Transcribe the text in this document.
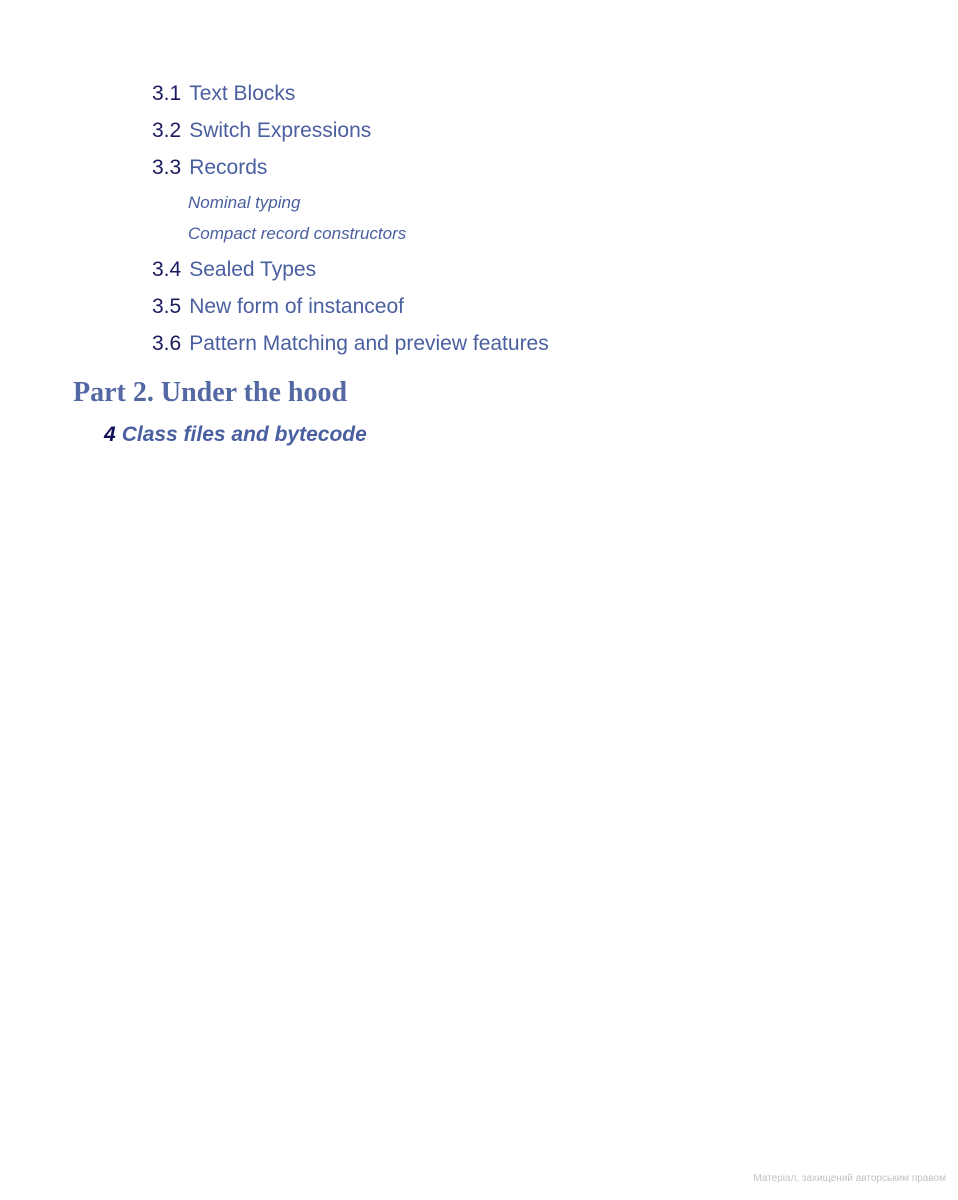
3.1 Text Blocks
3.2 Switch Expressions
3.3 Records
Nominal typing
Compact record constructors
3.4 Sealed Types
3.5 New form of instanceof
3.6 Pattern Matching and preview features
Part 2. Under the hood
4 Class files and bytecode
Матеріал, захищений авторським правом
